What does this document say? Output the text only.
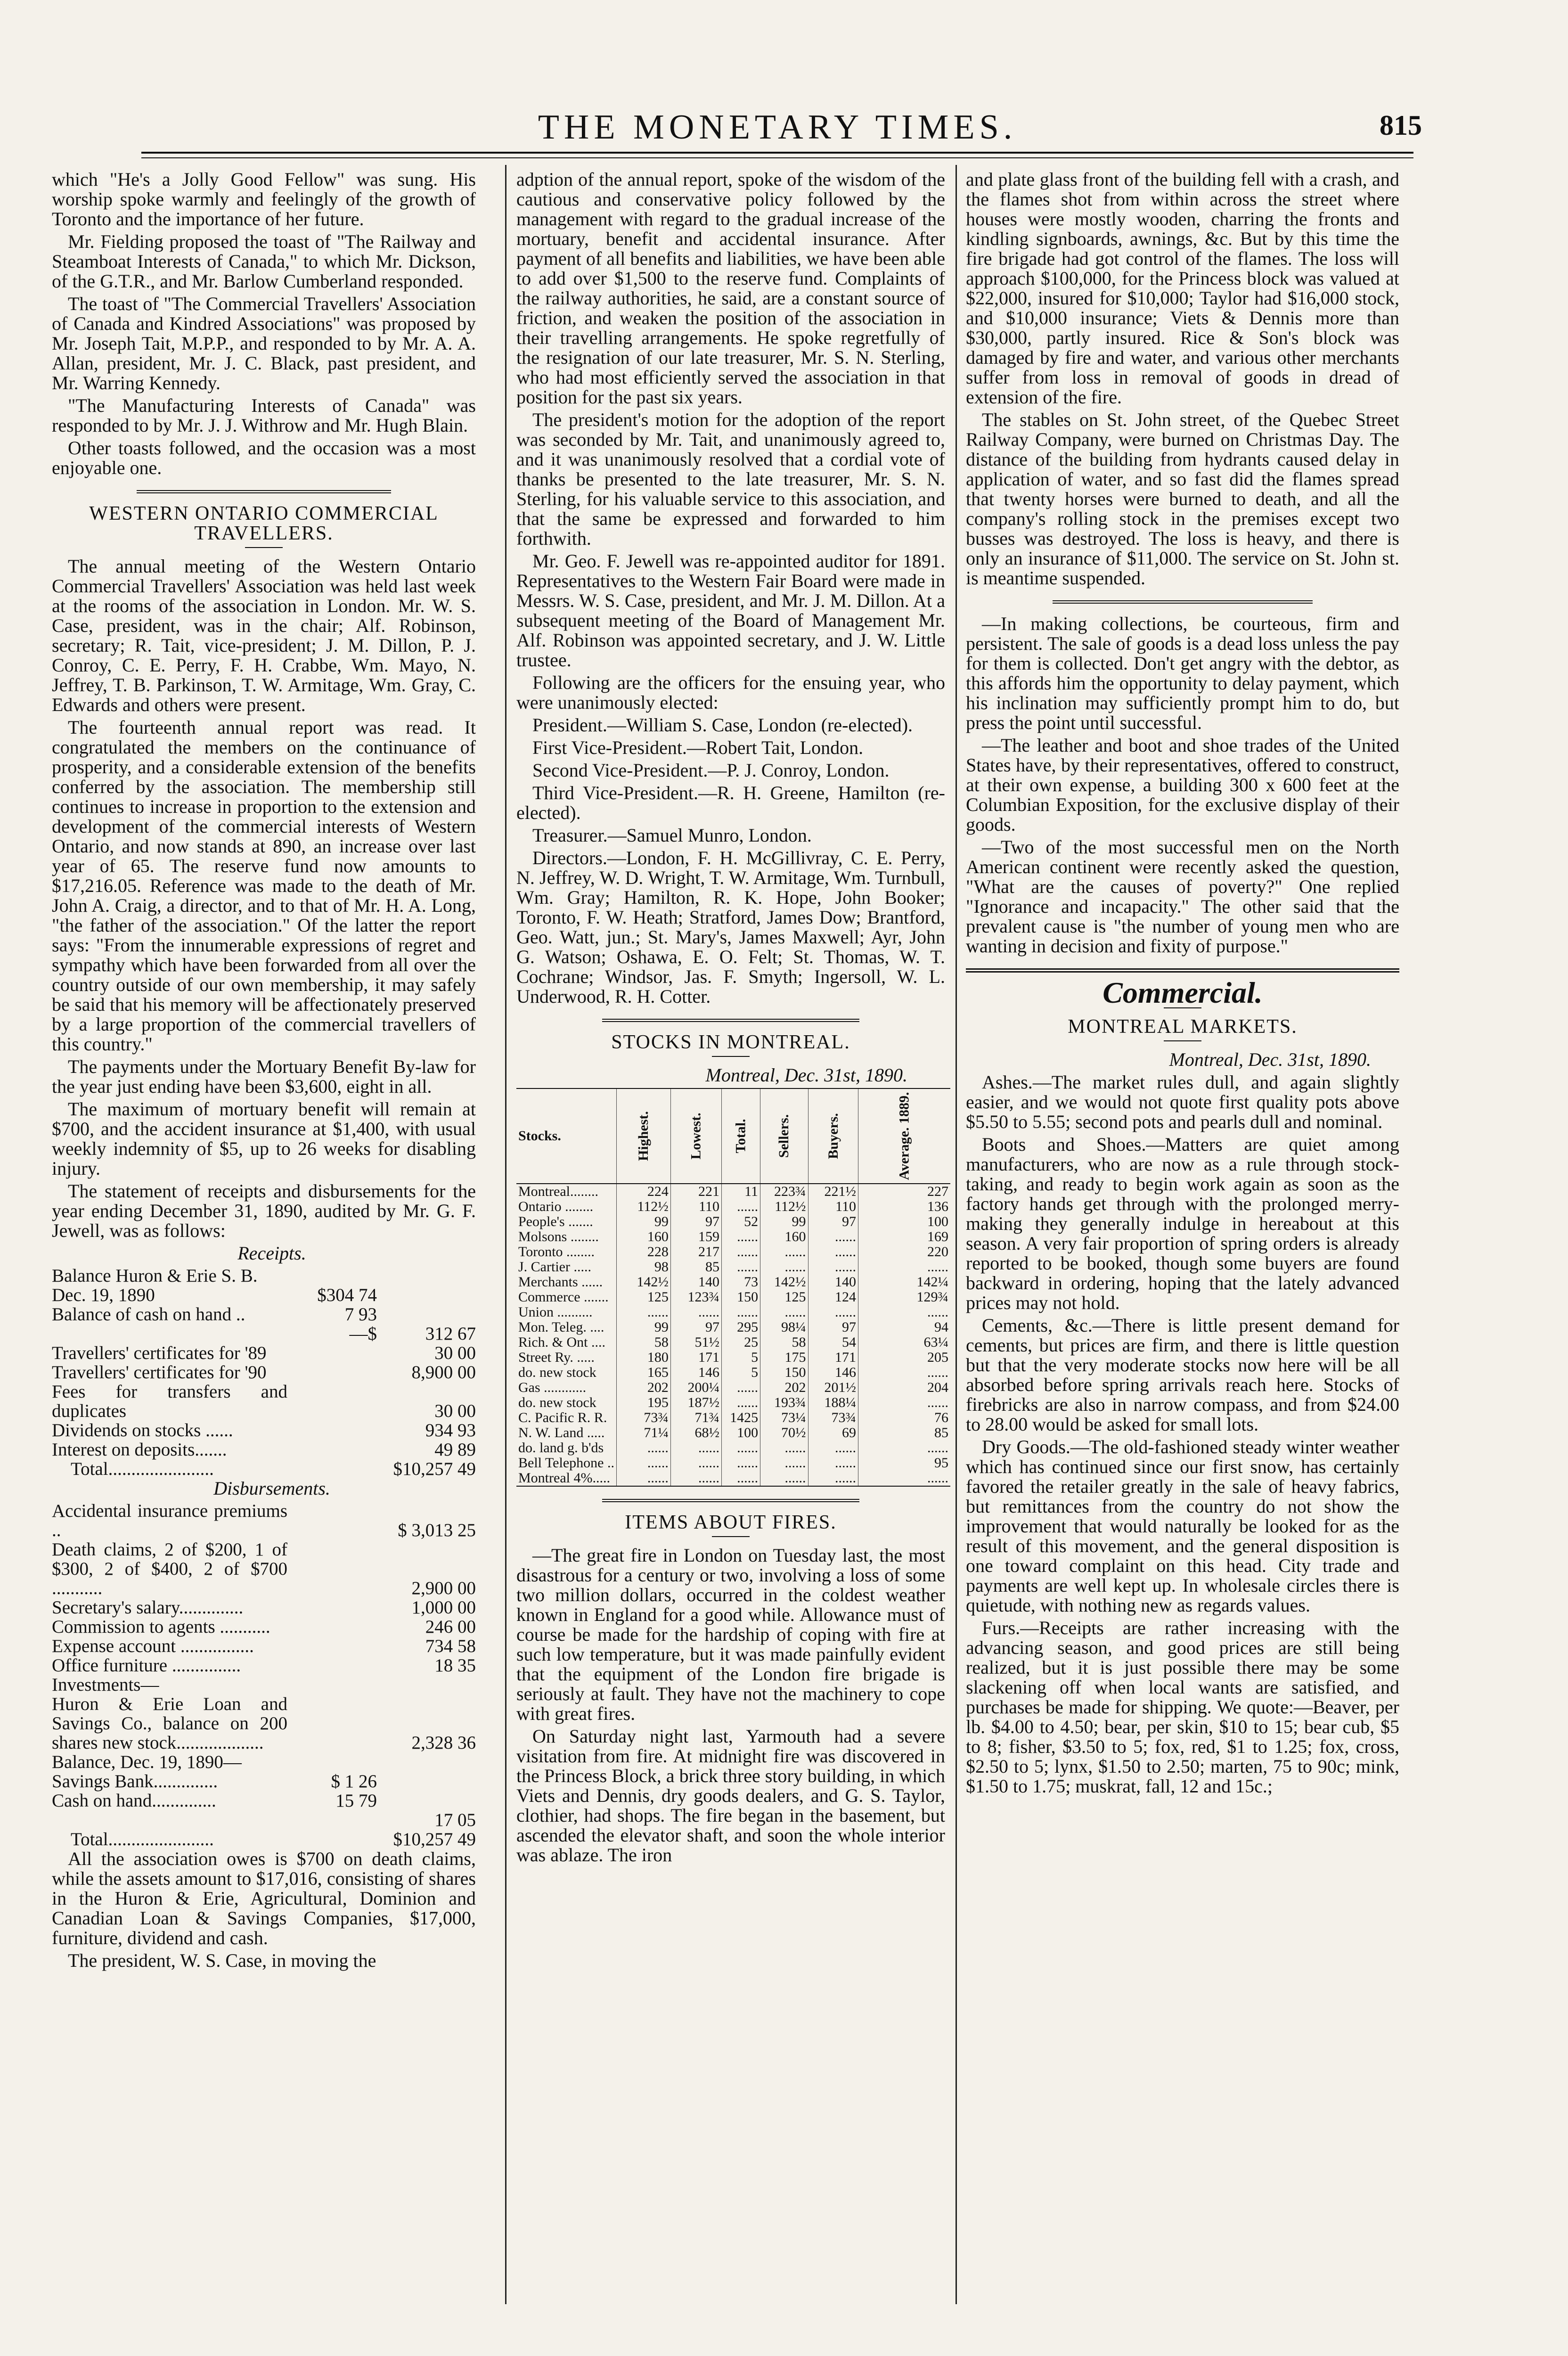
THE MONETARY TIMES.	815

which "He's a Jolly Good Fellow" was sung. His worship spoke warmly and feelingly of the growth of Toronto and the importance of her future.

Mr. Fielding proposed the toast of "The Railway and Steamboat Interests of Canada," to which Mr. Dickson, of the G.T.R., and Mr. Barlow Cumberland responded.

The toast of "The Commercial Travellers' Association of Canada and Kindred Associations" was proposed by Mr. Joseph Tait, M.P.P., and responded to by Mr. A. A. Allan, president, Mr. J. C. Black, past president, and Mr. Warring Kennedy.

"The Manufacturing Interests of Canada" was responded to by Mr. J. J. Withrow and Mr. Hugh Blain.

Other toasts followed, and the occasion was a most enjoyable one.

WESTERN ONTARIO COMMERCIAL TRAVELLERS.

The annual meeting of the Western Ontario Commercial Travellers' Association was held last week at the rooms of the association in London. Mr. W. S. Case, president, was in the chair; Alf. Robinson, secretary; R. Tait, vice-president; J. M. Dillon, P. J. Conroy, C. E. Perry, F. H. Crabbe, Wm. Mayo, N. Jeffrey, T. B. Parkinson, T. W. Armitage, Wm. Gray, C. Edwards and others were present.

The fourteenth annual report was read. It congratulated the members on the continuance of prosperity, and a considerable extension of the benefits conferred by the association. The membership still continues to increase in proportion to the extension and development of the commercial interests of Western Ontario, and now stands at 890, an increase over last year of 65. The reserve fund now amounts to $17,216.05. Reference was made to the death of Mr. John A. Craig, a director, and to that of Mr. H. A. Long, "the father of the association." Of the latter the report says: "From the innumerable expressions of regret and sympathy which have been forwarded from all over the country outside of our own membership, it may safely be said that his memory will be affectionately preserved by a large proportion of the commercial travellers of this country."

The payments under the Mortuary Benefit By-law for the year just ending have been $3,600, eight in all.

The maximum of mortuary benefit will remain at $700, and the accident insurance at $1,400, with usual weekly indemnity of $5, up to 26 weeks for disabling injury.

The statement of receipts and disbursements for the year ending December 31, 1890, audited by Mr. G. F. Jewell, was as follows:

Receipts.

Balance Huron & Erie S. B.		
Dec. 19, 1890	$304 74	
Balance of cash on hand ..	7 93	
	—$	312 67
Travellers' certificates for '89		30 00
Travellers' certificates for '90		8,900 00
Fees for transfers and duplicates		30 00
Dividends on stocks ......		934 93
Interest on deposits.......		49 89
Total.......................		$10,257 49

Disbursements.

Accidental insurance premiums ..		$ 3,013 25
Death claims, 2 of $200, 1 of $300, 2 of $400, 2 of $700 ...........		2,900 00
Secretary's salary..............		1,000 00
Commission to agents ...........		246 00
Expense account ................		734 58
Office furniture ...............		18 35
Investments—		
Huron & Erie Loan and Savings Co., balance on 200 shares new stock...................		2,328 36
Balance, Dec. 19, 1890—		
Savings Bank..............	$ 1 26	
Cash on hand..............	15 79	
		17 05
Total.......................		$10,257 49

All the association owes is $700 on death claims, while the assets amount to $17,016, consisting of shares in the Huron & Erie, Agricultural, Dominion and Canadian Loan & Savings Companies, $17,000, furniture, dividend and cash.

The president, W. S. Case, in moving the

adption of the annual report, spoke of the wisdom of the cautious and conservative policy followed by the management with regard to the gradual increase of the mortuary, benefit and accidental insurance. After payment of all benefits and liabilities, we have been able to add over $1,500 to the reserve fund. Complaints of the railway authorities, he said, are a constant source of friction, and weaken the position of the association in their travelling arrangements. He spoke regretfully of the resignation of our late treasurer, Mr. S. N. Sterling, who had most efficiently served the association in that position for the past six years.

The president's motion for the adoption of the report was seconded by Mr. Tait, and unanimously agreed to, and it was unanimously resolved that a cordial vote of thanks be presented to the late treasurer, Mr. S. N. Sterling, for his valuable service to this association, and that the same be expressed and forwarded to him forthwith.

Mr. Geo. F. Jewell was re-appointed auditor for 1891. Representatives to the Western Fair Board were made in Messrs. W. S. Case, president, and Mr. J. M. Dillon. At a subsequent meeting of the Board of Management Mr. Alf. Robinson was appointed secretary, and J. W. Little trustee.

Following are the officers for the ensuing year, who were unanimously elected:

President.—William S. Case, London (re-elected).

First Vice-President.—Robert Tait, London.

Second Vice-President.—P. J. Conroy, London.

Third Vice-President.—R. H. Greene, Hamilton (re-elected).

Treasurer.—Samuel Munro, London.

Directors.—London, F. H. McGillivray, C. E. Perry, N. Jeffrey, W. D. Wright, T. W. Armitage, Wm. Turnbull, Wm. Gray; Hamilton, R. K. Hope, John Booker; Toronto, F. W. Heath; Stratford, James Dow; Brantford, Geo. Watt, jun.; St. Mary's, James Maxwell; Ayr, John G. Watson; Oshawa, E. O. Felt; St. Thomas, W. T. Cochrane; Windsor, Jas. F. Smyth; Ingersoll, W. L. Underwood, R. H. Cotter.

STOCKS IN MONTREAL.

Montreal, Dec. 31st, 1890.

Stocks.	Highest.	Lowest.	Total.	Sellers.	Buyers.	Average. 1889.
Montreal........	224	221	11	223¾	221½	227
Ontario ........	112½	110	......	112½	110	136
People's .......	99	97	52	99	97	100
Molsons ........	160	159	......	160	......	169
Toronto ........	228	217	......	......	......	220
J. Cartier .....	98	85	......	......	......	......
Merchants ......	142½	140	73	142½	140	142¼
Commerce .......	125	123¾	150	125	124	129¾
Union ..........	......	......	......	......	......	......
Mon. Teleg. ....	99	97	295	98¼	97	94
Rich. & Ont ....	58	51½	25	58	54	63¼
Street Ry. .....	180	171	5	175	171	205
do. new stock	165	146	5	150	146	......
Gas ............	202	200¼	......	202	201½	204
do. new stock	195	187½	......	193¾	188¼	......
C. Pacific R. R.	73¾	71¾	1425	73¼	73¾	76
N. W. Land .....	71¼	68½	100	70½	69	85
do. land g. b'ds	......	......	......	......	......	......
Bell Telephone ..	......	......	......	......	......	95
Montreal 4%.....	......	......	......	......	......	......
ITEMS ABOUT FIRES.

—The great fire in London on Tuesday last, the most disastrous for a century or two, involving a loss of some two million dollars, occurred in the coldest weather known in England for a good while. Allowance must of course be made for the hardship of coping with fire at such low temperature, but it was made painfully evident that the equipment of the London fire brigade is seriously at fault. They have not the machinery to cope with great fires.

On Saturday night last, Yarmouth had a severe visitation from fire. At midnight fire was discovered in the Princess Block, a brick three story building, in which Viets and Dennis, dry goods dealers, and G. S. Taylor, clothier, had shops. The fire began in the basement, but ascended the elevator shaft, and soon the whole interior was ablaze. The iron

and plate glass front of the building fell with a crash, and the flames shot from within across the street where houses were mostly wooden, charring the fronts and kindling signboards, awnings, &c. But by this time the fire brigade had got control of the flames. The loss will approach $100,000, for the Princess block was valued at $22,000, insured for $10,000; Taylor had $16,000 stock, and $10,000 insurance; Viets & Dennis more than $30,000, partly insured. Rice & Son's block was damaged by fire and water, and various other merchants suffer from loss in removal of goods in dread of extension of the fire.

The stables on St. John street, of the Quebec Street Railway Company, were burned on Christmas Day. The distance of the building from hydrants caused delay in application of water, and so fast did the flames spread that twenty horses were burned to death, and all the company's rolling stock in the premises except two busses was destroyed. The loss is heavy, and there is only an insurance of $11,000. The service on St. John st. is meantime suspended.

—In making collections, be courteous, firm and persistent. The sale of goods is a dead loss unless the pay for them is collected. Don't get angry with the debtor, as this affords him the opportunity to delay payment, which his inclination may sufficiently prompt him to do, but press the point until successful.

—The leather and boot and shoe trades of the United States have, by their representatives, offered to construct, at their own expense, a building 300 x 600 feet at the Columbian Exposition, for the exclusive display of their goods.

—Two of the most successful men on the North American continent were recently asked the question, "What are the causes of poverty?" One replied "Ignorance and incapacity." The other said that the prevalent cause is "the number of young men who are wanting in decision and fixity of purpose."

Commercial.
MONTREAL MARKETS.

Montreal, Dec. 31st, 1890.

Ashes.—The market rules dull, and again slightly easier, and we would not quote first quality pots above $5.50 to 5.55; second pots and pearls dull and nominal.

Boots and Shoes.—Matters are quiet among manufacturers, who are now as a rule through stock-taking, and ready to begin work again as soon as the factory hands get through with the prolonged merry-making they generally indulge in hereabout at this season. A very fair proportion of spring orders is already reported to be booked, though some buyers are found backward in ordering, hoping that the lately advanced prices may not hold.

Cements, &c.—There is little present demand for cements, but prices are firm, and there is little question but that the very moderate stocks now here will be all absorbed before spring arrivals reach here. Stocks of firebricks are also in narrow compass, and from $24.00 to 28.00 would be asked for small lots.

Dry Goods.—The old-fashioned steady winter weather which has continued since our first snow, has certainly favored the retailer greatly in the sale of heavy fabrics, but remittances from the country do not show the improvement that would naturally be looked for as the result of this movement, and the general disposition is one toward complaint on this head. City trade and payments are well kept up. In wholesale circles there is quietude, with nothing new as regards values.

Furs.—Receipts are rather increasing with the advancing season, and good prices are still being realized, but it is just possible there may be some slackening off when local wants are satisfied, and purchases be made for shipping. We quote:—Beaver, per lb. $4.00 to 4.50; bear, per skin, $10 to 15; bear cub, $5 to 8; fisher, $3.50 to 5; fox, red, $1 to 1.25; fox, cross, $2.50 to 5; lynx, $1.50 to 2.50; marten, 75 to 90c; mink, $1.50 to 1.75; muskrat, fall, 12 and 15c.;
